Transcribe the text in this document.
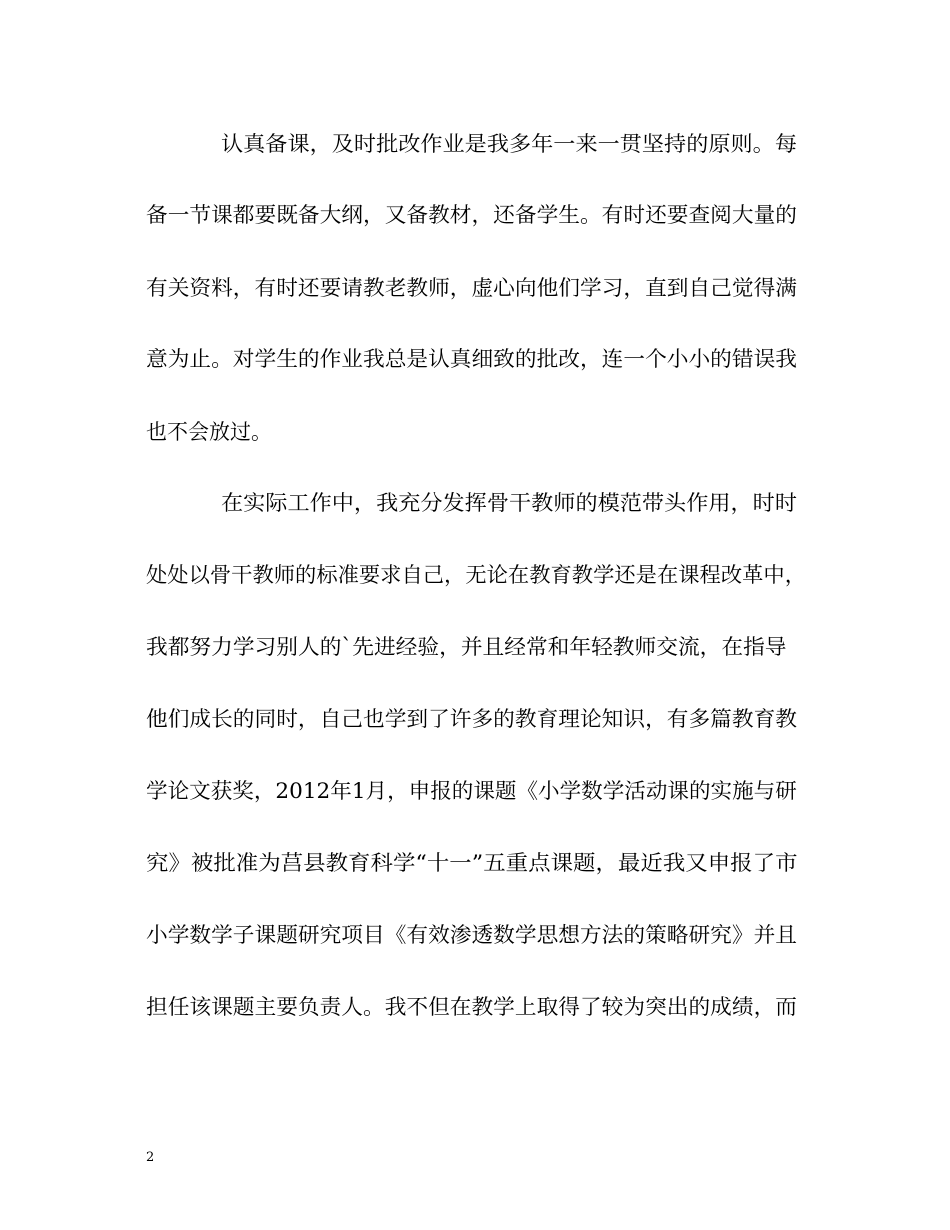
认真备课，及时批改作业是我多年一来一贯坚持的原则。每

备一节课都要既备大纲，又备教材，还备学生。有时还要查阅大量的

有关资料，有时还要请教老教师，虚心向他们学习，直到自己觉得满

意为止。对学生的作业我总是认真细致的批改，连一个小小的错误我

也不会放过。

在实际工作中，我充分发挥骨干教师的模范带头作用，时时

处处以骨干教师的标准要求自己，无论在教育教学还是在课程改革中，

我都努力学习别人的`先进经验，并且经常和年轻教师交流，在指导

他们成长的同时，自己也学到了许多的教育理论知识，有多篇教育教

学论文获奖，2012年1月，申报的课题《小学数学活动课的实施与研

究》被批准为莒县教育科学“十一”五重点课题，最近我又申报了市

小学数学子课题研究项目《有效渗透数学思想方法的策略研究》并且

担任该课题主要负责人。我不但在教学上取得了较为突出的成绩，而

2
